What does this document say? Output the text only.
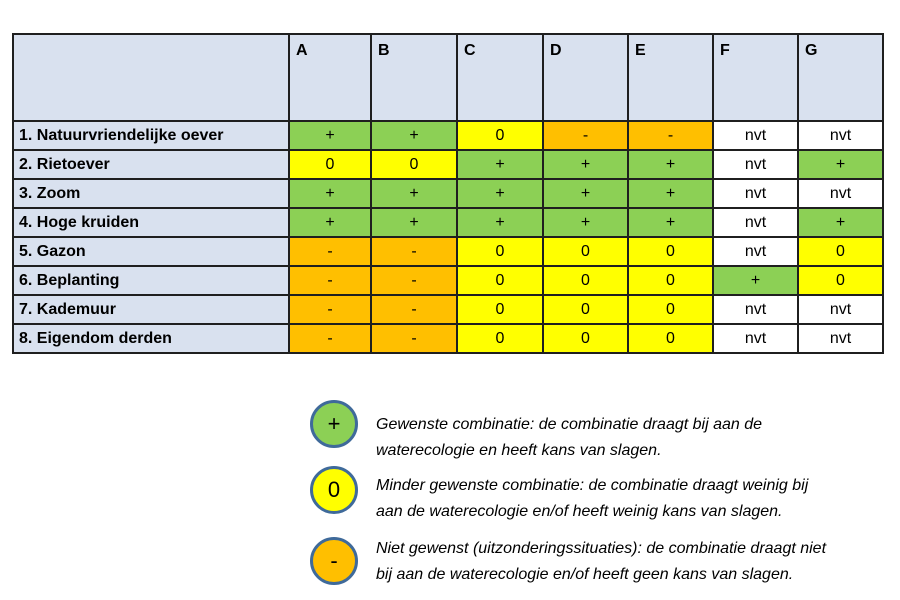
	A	B	C	D	E	F	G
1. Natuurvriendelijke oever	+	+	0	-	-	nvt	nvt
2. Rietoever	0	0	+	+	+	nvt	+
3. Zoom	+	+	+	+	+	nvt	nvt
4. Hoge kruiden	+	+	+	+	+	nvt	+
5. Gazon	-	-	0	0	0	nvt	0
6. Beplanting	-	-	0	0	0	+	0
7. Kademuur	-	-	0	0	0	nvt	nvt
8. Eigendom derden	-	-	0	0	0	nvt	nvt
+	Gewenste combinatie: de combinatie draagt bij aan de
waterecologie en heeft kans van slagen.
0	Minder gewenste combinatie: de combinatie draagt weinig bij
aan de waterecologie en/of heeft weinig kans van slagen.
-	Niet gewenst (uitzonderingssituaties): de combinatie draagt niet
bij aan de waterecologie en/of heeft geen kans van slagen.
